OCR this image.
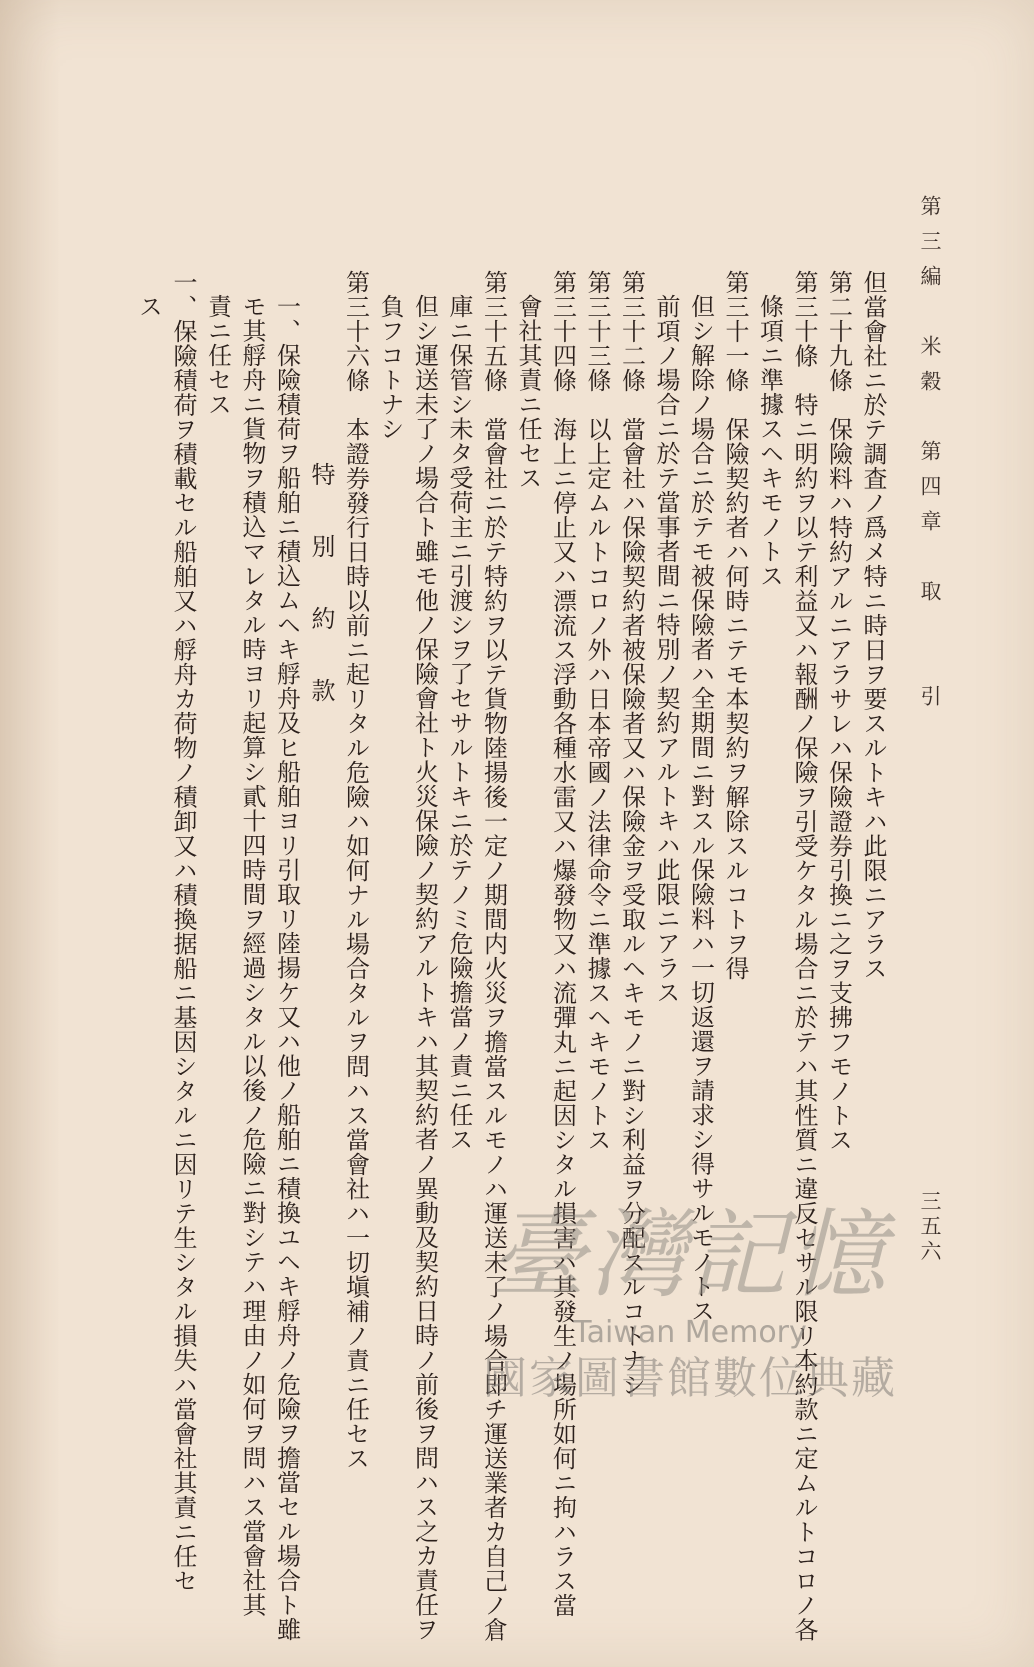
第三編　米穀　第四章　取　　引
三五六
但當會社ニ於テ調査ノ爲メ特ニ時日ヲ要スルトキハ此限ニアラス
第二十九條　保險料ハ特約アルニアラサレハ保險證券引換ニ之ヲ支拂フモノトス
第三十條　特ニ明約ヲ以テ利益又ハ報酬ノ保險ヲ引受ケタル場合ニ於テハ其性質ニ違反セサル限リ本約款ニ定ムルトコロノ各
條項ニ準據スヘキモノトス
第三十一條　保險契約者ハ何時ニテモ本契約ヲ解除スルコトヲ得
但シ解除ノ場合ニ於テモ被保險者ハ全期間ニ對スル保險料ハ一切返還ヲ請求シ得サルモノトス
前項ノ場合ニ於テ當事者間ニ特別ノ契約アルトキハ此限ニアラス
第三十二條　當會社ハ保險契約者被保險者又ハ保險金ヲ受取ルヘキモノニ對シ利益ヲ分配スルコトナシ
第三十三條　以上定ムルトコロノ外ハ日本帝國ノ法律命令ニ準據スヘキモノトス
第三十四條　海上ニ停止又ハ漂流ス浮動各種水雷又ハ爆發物又ハ流彈丸ニ起因シタル損害ハ其發生ノ場所如何ニ拘ハラス當
會社其責ニ任セス
第三十五條　當會社ニ於テ特約ヲ以テ貨物陸揚後一定ノ期間内火災ヲ擔當スルモノハ運送未了ノ場合即チ運送業者カ自己ノ倉
庫ニ保管シ未タ受荷主ニ引渡シヲ了セサルトキニ於テノミ危險擔當ノ責ニ任ス
但シ運送未了ノ場合ト雖モ他ノ保險會社ト火災保險ノ契約アルトキハ其契約者ノ異動及契約日時ノ前後ヲ問ハス之カ責任ヲ
負フコトナシ
第三十六條　本證券發行日時以前ニ起リタル危險ハ如何ナル場合タルヲ問ハス當會社ハ一切塡補ノ責ニ任セス
特　別　約　款
一、保險積荷ヲ船舶ニ積込ムヘキ艀舟及ヒ船舶ヨリ引取リ陸揚ケ又ハ他ノ船舶ニ積換ユヘキ艀舟ノ危險ヲ擔當セル場合ト雖
モ其艀舟ニ貨物ヲ積込マレタル時ヨリ起算シ貳十四時間ヲ經過シタル以後ノ危險ニ對シテハ理由ノ如何ヲ問ハス當會社其
責ニ任セス
一、保險積荷ヲ積載セル船舶又ハ艀舟カ荷物ノ積卸又ハ積換据船ニ基因シタルニ因リテ生シタル損失ハ當會社其責ニ任セ
ス
臺灣記憶
Taiwan Memory
國家圖書館數位典藏
